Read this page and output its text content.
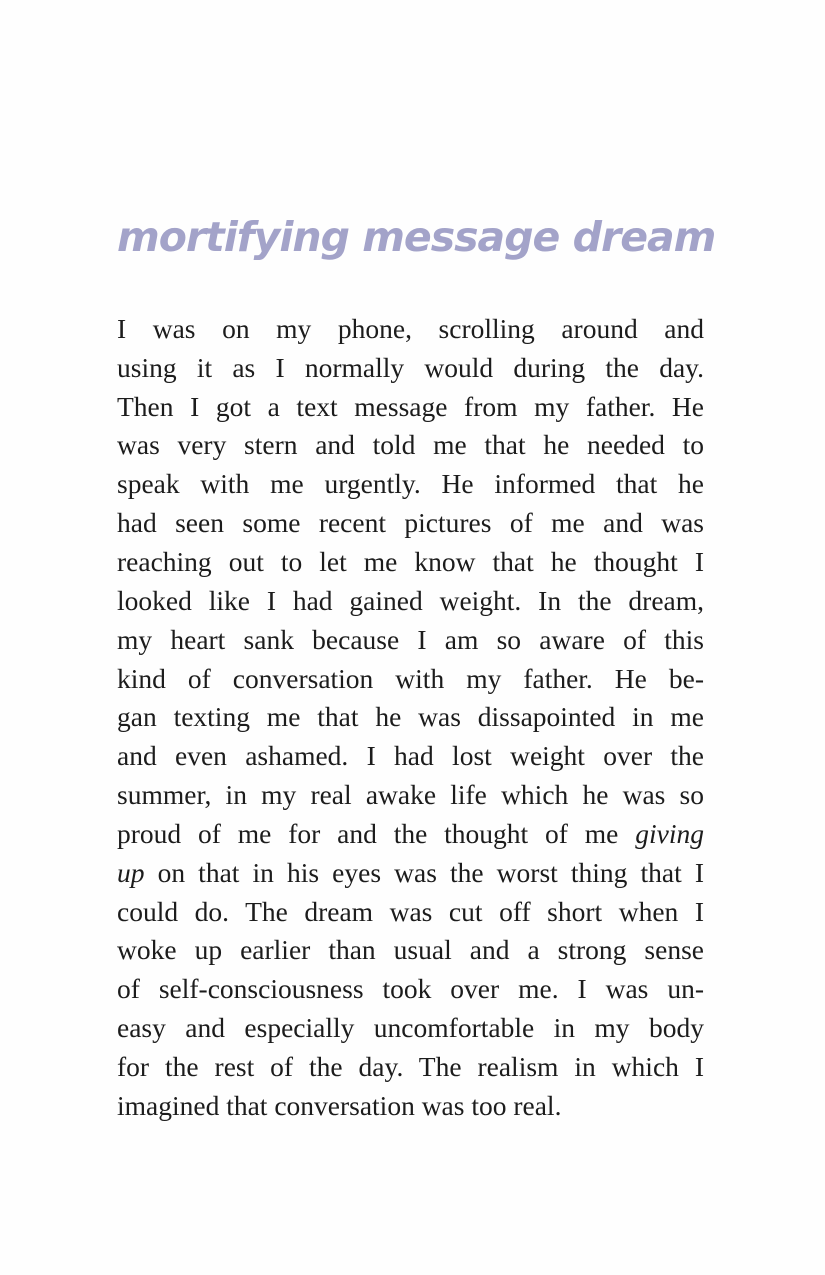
mortifying message dream

I was on my phone, scrolling around and

using it as I normally would during the day.

Then I got a text message from my father. He

was very stern and told me that he needed to

speak with me urgently. He informed that he

had seen some recent pictures of me and was

reaching out to let me know that he thought I

looked like I had gained weight. In the dream,

my heart sank because I am so aware of this

kind of conversation with my father. He be-

gan texting me that he was dissapointed in me

and even ashamed. I had lost weight over the

summer, in my real awake life which he was so

proud of me for and the thought of me giving

up on that in his eyes was the worst thing that I

could do. The dream was cut off short when I

woke up earlier than usual and a strong sense

of self-consciousness took over me. I was un-

easy and especially uncomfortable in my body

for the rest of the day. The realism in which I

imagined that conversation was too real.
